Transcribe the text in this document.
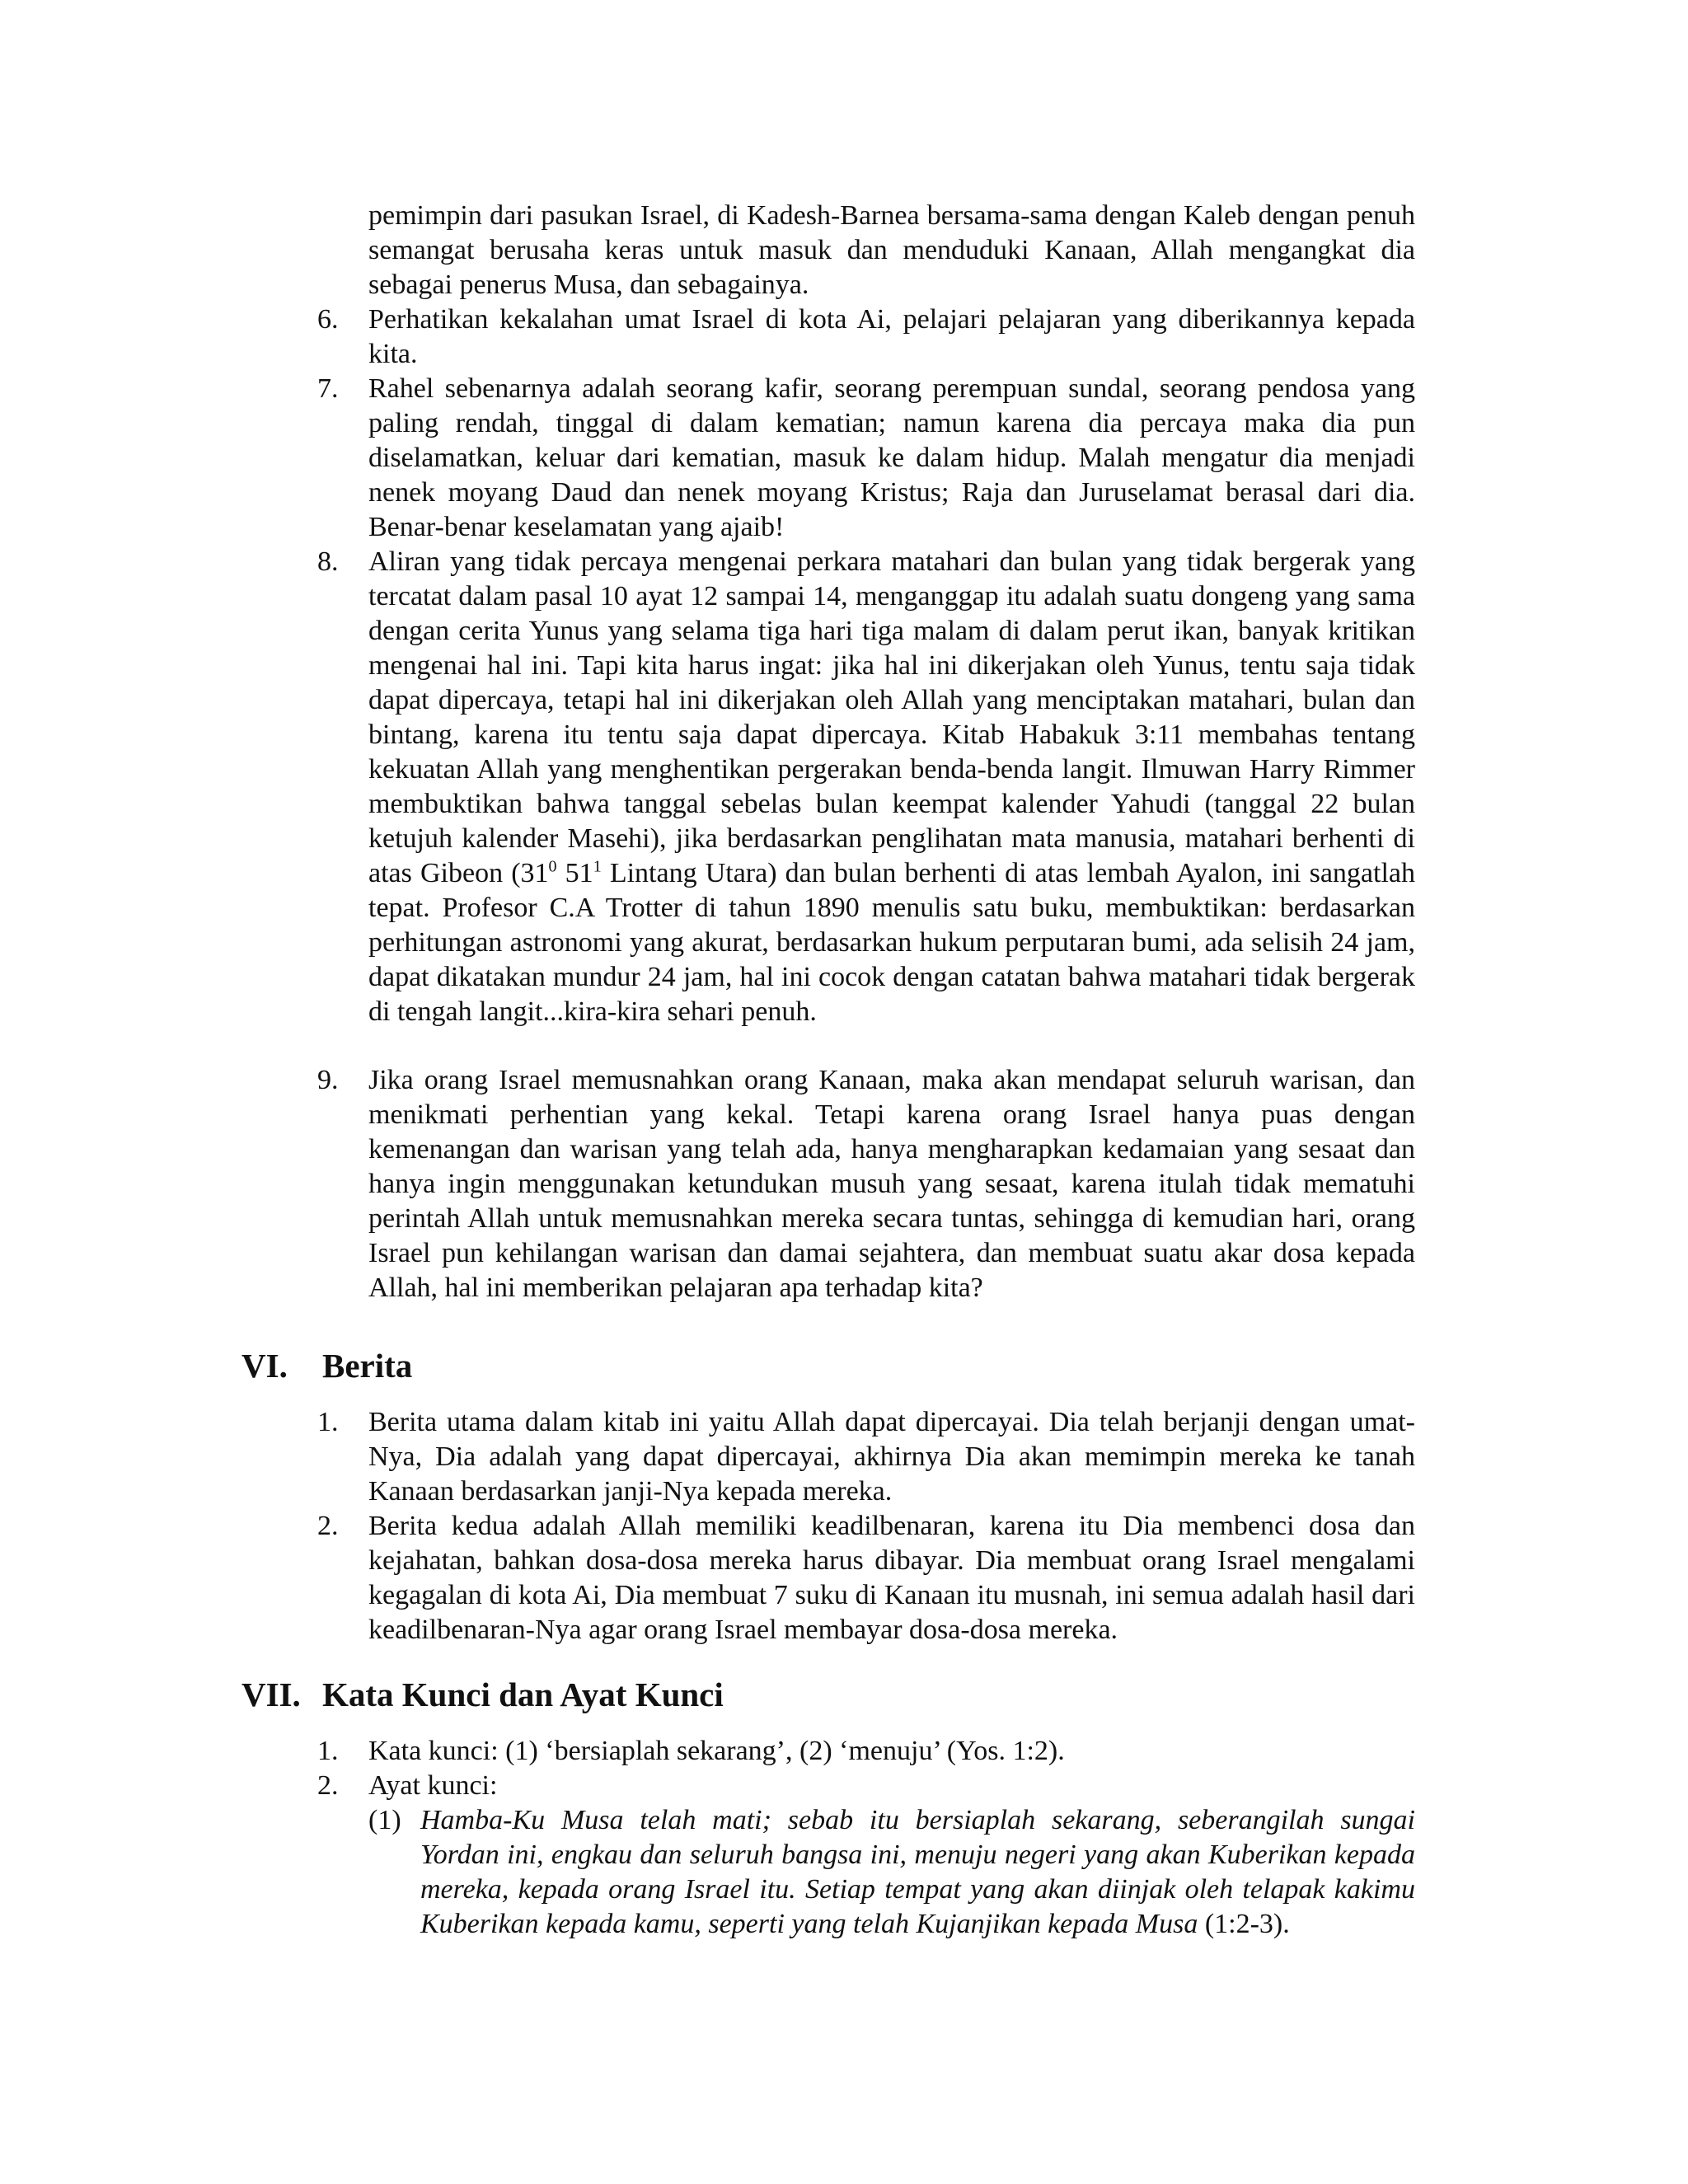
pemimpin dari pasukan Israel, di Kadesh-Barnea bersama-sama dengan Kaleb dengan penuh semangat berusaha keras untuk masuk dan menduduki Kanaan, Allah mengangkat dia sebagai penerus Musa, dan sebagainya.

6.	Perhatikan kekalahan umat Israel di kota Ai, pelajari pelajaran yang diberikannya kepada kita.
7.	Rahel sebenarnya adalah seorang kafir, seorang perempuan sundal, seorang pendosa yang paling rendah, tinggal di dalam kematian; namun karena dia percaya maka dia pun diselamatkan, keluar dari kematian, masuk ke dalam hidup. Malah mengatur dia menjadi nenek moyang Daud dan nenek moyang Kristus; Raja dan Juruselamat berasal dari dia. Benar-benar keselamatan yang ajaib!
8.	Aliran yang tidak percaya mengenai perkara matahari dan bulan yang tidak bergerak yang tercatat dalam pasal 10 ayat 12 sampai 14, menganggap itu adalah suatu dongeng yang sama dengan cerita Yunus yang selama tiga hari tiga malam di dalam perut ikan, banyak kritikan mengenai hal ini. Tapi kita harus ingat: jika hal ini dikerjakan oleh Yunus, tentu saja tidak dapat dipercaya, tetapi hal ini dikerjakan oleh Allah yang menciptakan matahari, bulan dan bintang, karena itu tentu saja dapat dipercaya. Kitab Habakuk 3:11 membahas tentang kekuatan Allah yang menghentikan pergerakan benda-benda langit. Ilmuwan Harry Rimmer membuktikan bahwa tanggal sebelas bulan keempat kalender Yahudi (tanggal 22 bulan ketujuh kalender Masehi), jika berdasarkan penglihatan mata manusia, matahari berhenti di atas Gibeon ($31^0$ $51^1$ Lintang Utara) dan bulan berhenti di atas lembah Ayalon, ini sangatlah tepat. Profesor C.A Trotter di tahun 1890 menulis satu buku, membuktikan: berdasarkan perhitungan astronomi yang akurat, berdasarkan hukum perputaran bumi, ada selisih 24 jam, dapat dikatakan mundur 24 jam, hal ini cocok dengan catatan bahwa matahari tidak bergerak di tengah langit...kira-kira sehari penuh.
9.	Jika orang Israel memusnahkan orang Kanaan, maka akan mendapat seluruh warisan, dan menikmati perhentian yang kekal. Tetapi karena orang Israel hanya puas dengan kemenangan dan warisan yang telah ada, hanya mengharapkan kedamaian yang sesaat dan hanya ingin menggunakan ketundukan musuh yang sesaat, karena itulah tidak mematuhi perintah Allah untuk memusnahkan mereka secara tuntas, sehingga di kemudian hari, orang Israel pun kehilangan warisan dan damai sejahtera, dan membuat suatu akar dosa kepada Allah, hal ini memberikan pelajaran apa terhadap kita?
VI. Berita
1.	Berita utama dalam kitab ini yaitu Allah dapat dipercayai. Dia telah berjanji dengan umat-Nya, Dia adalah yang dapat dipercayai, akhirnya Dia akan memimpin mereka ke tanah Kanaan berdasarkan janji-Nya kepada mereka.
2.	Berita kedua adalah Allah memiliki keadilbenaran, karena itu Dia membenci dosa dan kejahatan, bahkan dosa-dosa mereka harus dibayar. Dia membuat orang Israel mengalami kegagalan di kota Ai, Dia membuat 7 suku di Kanaan itu musnah, ini semua adalah hasil dari keadilbenaran-Nya agar orang Israel membayar dosa-dosa mereka.
VII. Kata Kunci dan Ayat Kunci
1.	Kata kunci: (1) ‘bersiaplah sekarang’, (2) ‘menuju’ (Yos. 1:2).
2.	Ayat kunci:
(1) Hamba-Ku Musa telah mati; sebab itu bersiaplah sekarang, seberangilah sungai Yordan ini, engkau dan seluruh bangsa ini, menuju negeri yang akan Kuberikan kepada mereka, kepada orang Israel itu. Setiap tempat yang akan diinjak oleh telapak kakimu Kuberikan kepada kamu, seperti yang telah Kujanjikan kepada Musa (1:2-3).
